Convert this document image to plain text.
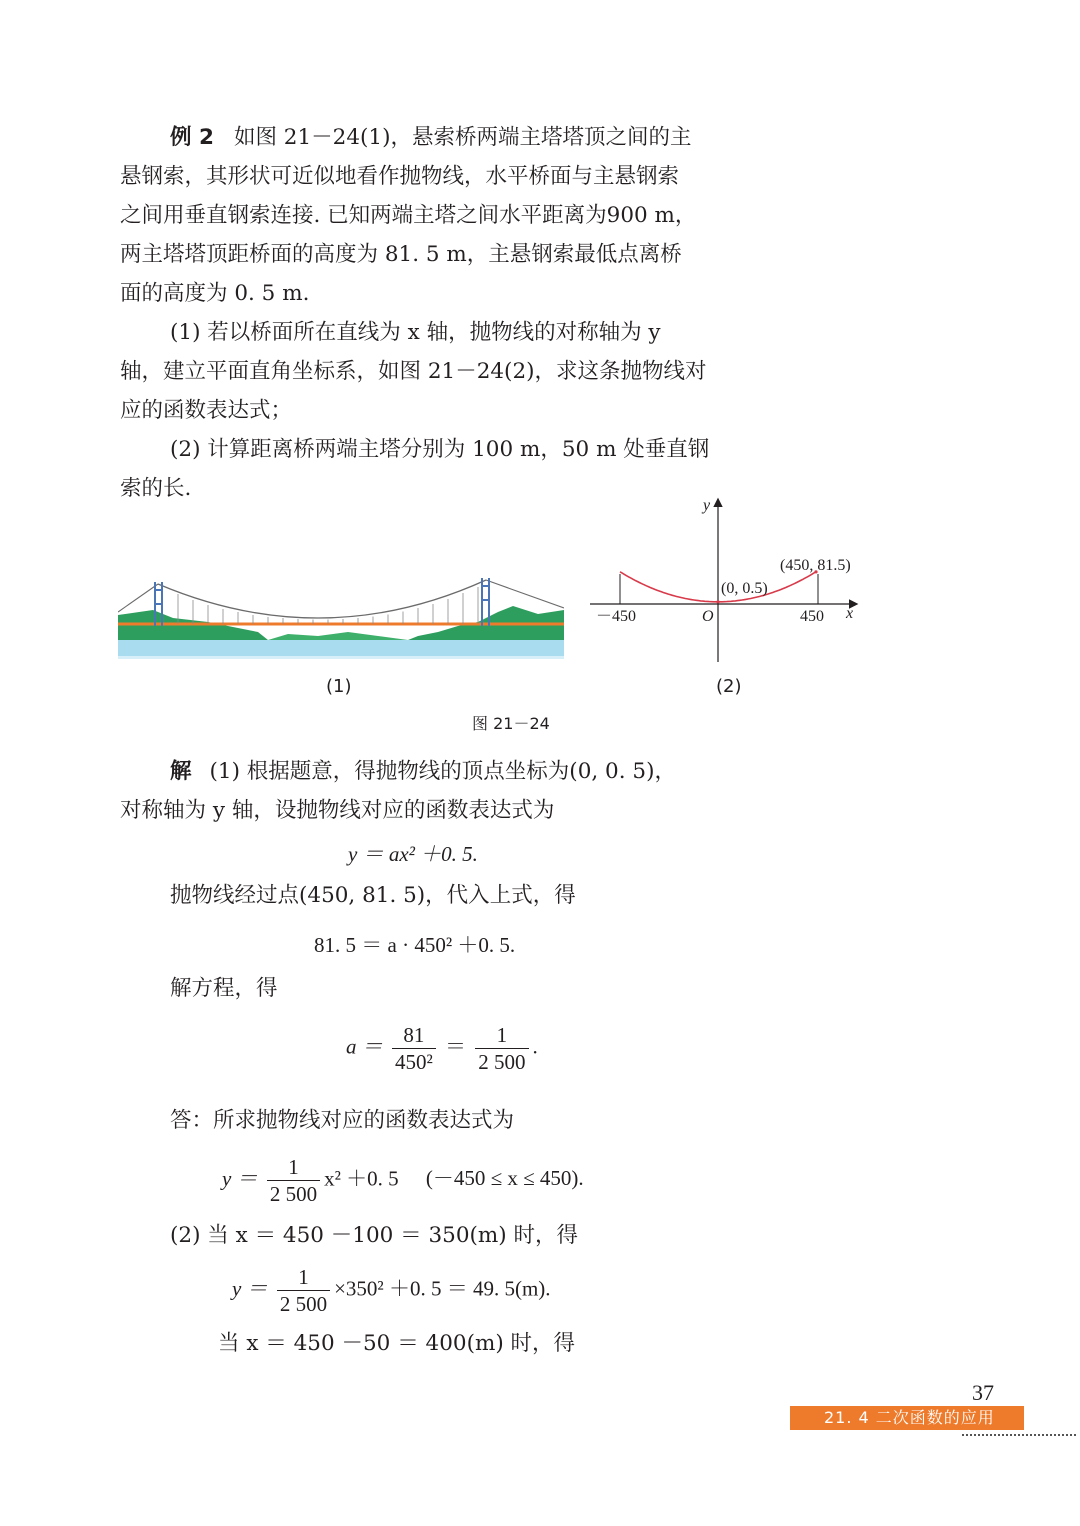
例 2 如图 21－24(1)，悬索桥两端主塔塔顶之间的主
悬钢索，其形状可近似地看作抛物线，水平桥面与主悬钢索
之间用垂直钢索连接. 已知两端主塔之间水平距离为900 m，
两主塔塔顶距桥面的高度为 81. 5 m，主悬钢索最低点离桥
面的高度为 0. 5 m.
(1) 若以桥面所在直线为 x 轴，抛物线的对称轴为 y
轴，建立平面直角坐标系，如图 21－24(2)，求这条抛物线对
应的函数表达式；
(2) 计算距离桥两端主塔分别为 100 m，50 m 处垂直钢
索的长.
(1)
y
x
O
－450	450
(0, 0.5)
(450, 81.5)
(2)
图 21－24
解 (1) 根据题意，得抛物线的顶点坐标为(0, 0. 5)，
对称轴为 y 轴，设抛物线对应的函数表达式为
y ＝ ax² ＋0. 5.
抛物线经过点(450, 81. 5)，代入上式，得
81. 5 ＝ a · 450² ＋0. 5.
解方程，得
$a = \frac{81}{\text{450²}} = \frac{1}{2 500}$ .
答：所求抛物线对应的函数表达式为
$y = \frac{1}{2 500} x^2 +0$. 5 (－450 ≤ x ≤ 450).
(2) 当 x ＝ 450 －100 ＝ 350(m) 时，得
$y = \frac{1}{2 500} \times 350^2 +0$. 5 ＝ 49. 5(m).
当 x ＝ 450 －50 ＝ 400(m) 时，得
37
21. 4 二次函数的应用
